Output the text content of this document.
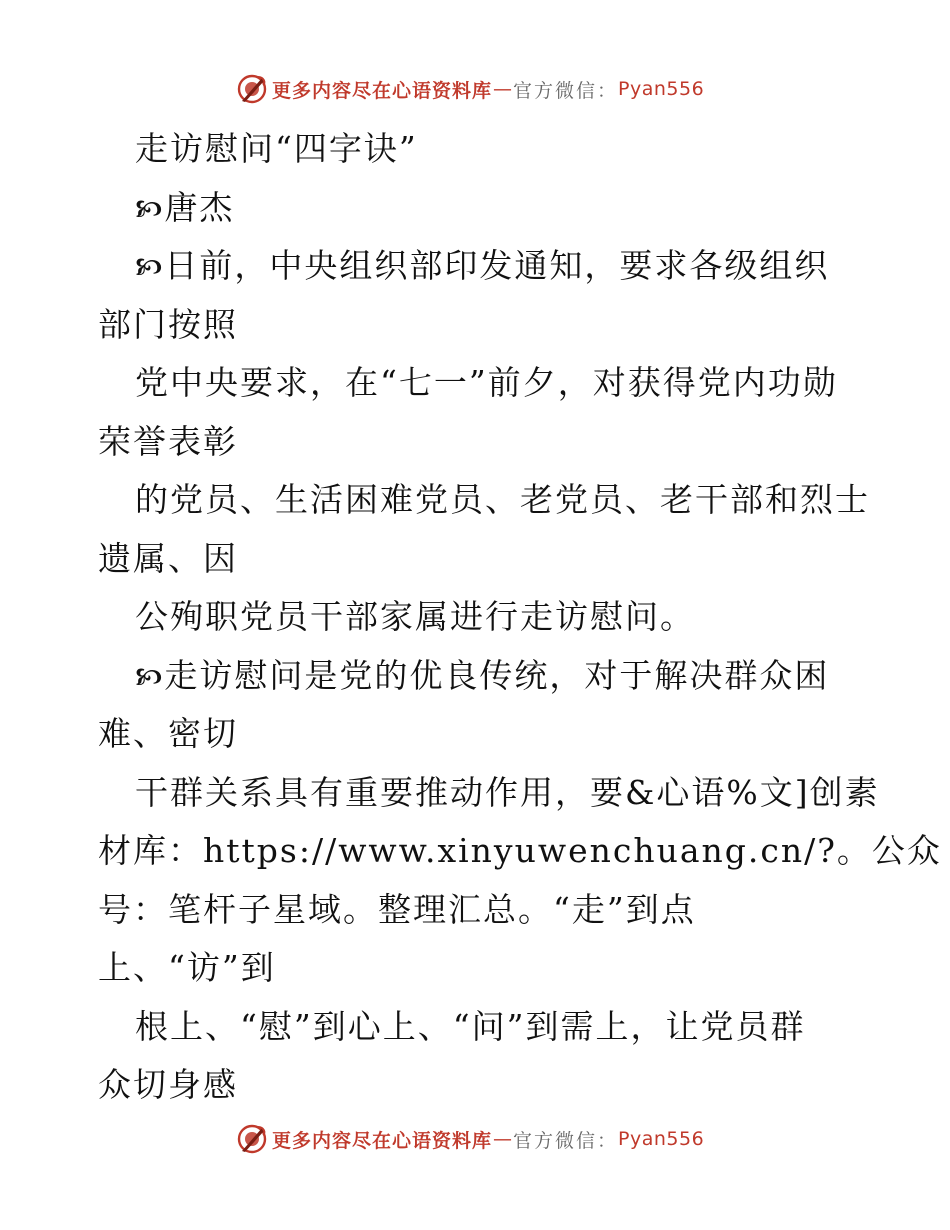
更多内容尽在心语资料库 — 官方微信： Pyan556
走访慰问“四字诀”
🙥唐杰
🙥日前，中央组织部印发通知，要求各级组织
部门按照
党中央要求，在“七一”前夕，对获得党内功勋
荣誉表彰
的党员、生活困难党员、老党员、老干部和烈士
遗属、因
公殉职党员干部家属进行走访慰问。
🙥走访慰问是党的优良传统，对于解决群众困
难、密切
干群关系具有重要推动作用，要&心语%文]创素
材库：https://www.xinyuwenchuang.cn/?。公众
号：笔杆子星域。整理汇总。“走”到点
上、“访”到
根上、“慰”到心上、“问”到需上，让党员群
众切身感
更多内容尽在心语资料库 — 官方微信： Pyan556
